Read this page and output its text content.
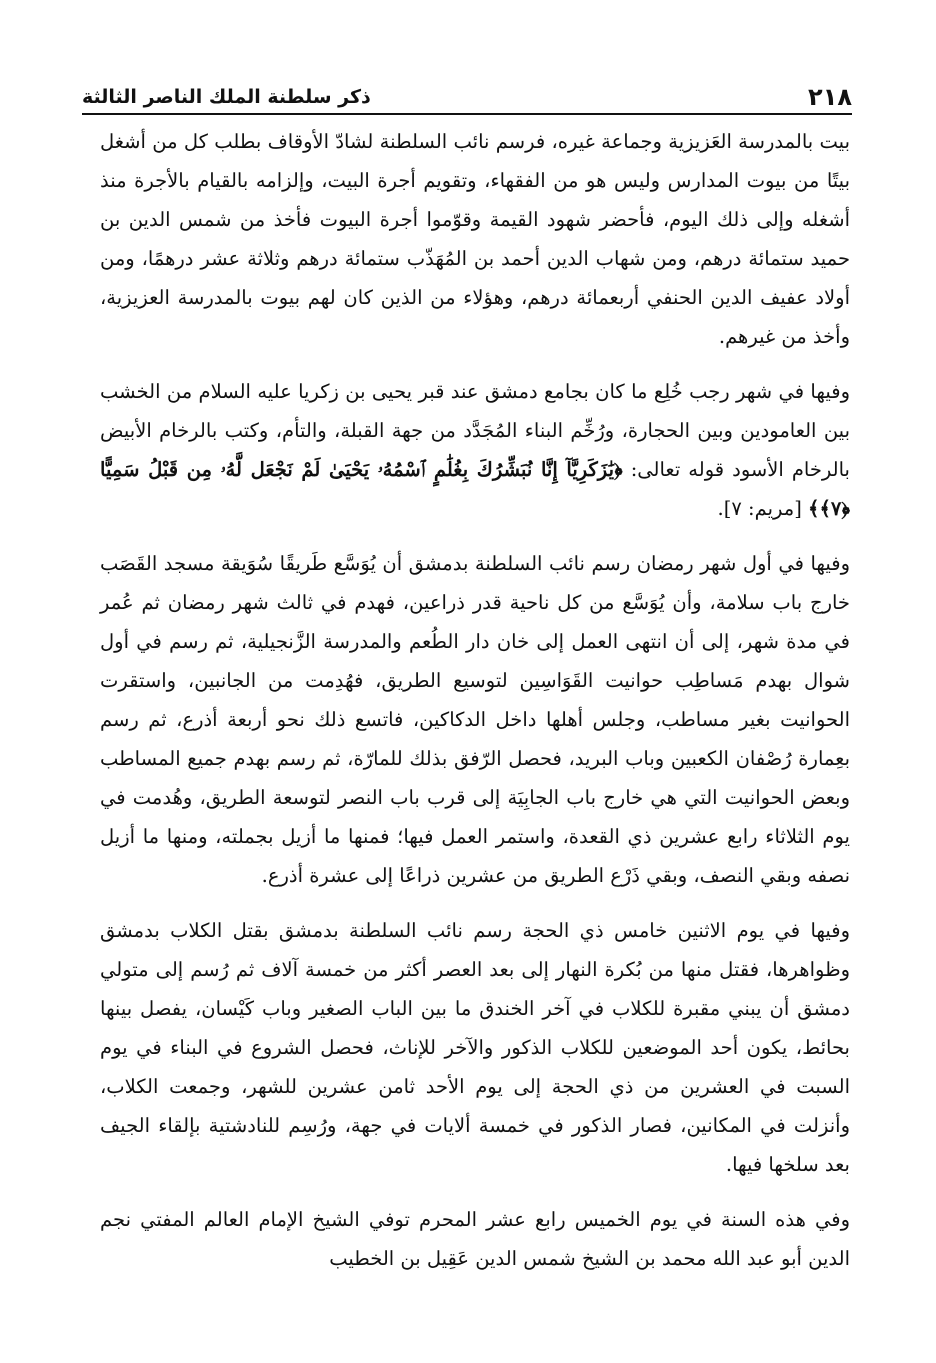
٢١٨
ذكر سلطنة الملك الناصر الثالثة

بيت بالمدرسة العَزيزية وجماعة غيره، فرسم نائب السلطنة لشادّ الأوقاف بطلب كل من أشغل بيتًا من بيوت المدارس وليس هو من الفقهاء، وتقويم أجرة البيت، وإلزامه بالقيام بالأجرة منذ أشغله وإلى ذلك اليوم، فأحضر شهود القيمة وقوّموا أجرة البيوت فأخذ من شمس الدين بن حميد ستمائة درهم، ومن شهاب الدين أحمد بن المُهَذّب ستمائة درهم وثلاثة عشر درهمًا، ومن أولاد عفيف الدين الحنفي أربعمائة درهم، وهؤلاء من الذين كان لهم بيوت بالمدرسة العزيزية، وأخذ من غيرهم.

وفيها في شهر رجب خُلِع ما كان بجامع دمشق عند قبر يحيى بن زكريا عليه السلام من الخشب بين العامودين وبين الحجارة، ورُخِّم البناء المُجَدَّد من جهة القبلة، والتأم، وكتب بالرخام الأبيض بالرخام الأسود قوله تعالى: ﴿يَٰزَكَرِيَّآ إِنَّا نُبَشِّرُكَ بِغُلَٰمٍ ٱسْمُهُۥ يَحْيَىٰ لَمْ نَجْعَل لَّهُۥ مِن قَبْلُ سَمِيًّا ﴿٧﴾﴾ [مريم: ٧].

وفيها في أول شهر رمضان رسم نائب السلطنة بدمشق أن يُوَسَّع طَريقًا سُوَيقة مسجد القَصَب خارج باب سلامة، وأن يُوَسَّع من كل ناحية قدر ذراعين، فهدم في ثالث شهر رمضان ثم عُمر في مدة شهر، إلى أن انتهى العمل إلى خان دار الطُعم والمدرسة الزَّنجيلية، ثم رسم في أول شوال بهدم مَساطِب حوانيت القَوَاسِين لتوسيع الطريق، فهُدِمت من الجانبين، واستقرت الحوانيت بغير مساطب، وجلس أهلها داخل الدكاكين، فاتسع ذلك نحو أربعة أذرع، ثم رسم بعِمارة رُصْفان الكعبين وباب البريد، فحصل الرّفق بذلك للمارّة، ثم رسم بهدم جميع المساطب وبعض الحوانيت التي هي خارج باب الجابِيَة إلى قرب باب النصر لتوسعة الطريق، وهُدمت في يوم الثلاثاء رابع عشرين ذي القعدة، واستمر العمل فيها؛ فمنها ما أزيل بجملته، ومنها ما أزيل نصفه وبقي النصف، وبقي ذَرْع الطريق من عشرين ذراعًا إلى عشرة أذرع.

وفيها في يوم الاثنين خامس ذي الحجة رسم نائب السلطنة بدمشق بقتل الكلاب بدمشق وظواهرها، فقتل منها من بُكرة النهار إلى بعد العصر أكثر من خمسة آلاف ثم رُسم إلى متولي دمشق أن يبني مقبرة للكلاب في آخر الخندق ما بين الباب الصغير وباب كَيْسان، يفصل بينها بحائط، يكون أحد الموضعين للكلاب الذكور والآخر للإناث، فحصل الشروع في البناء في يوم السبت في العشرين من ذي الحجة إلى يوم الأحد ثامن عشرين للشهر، وجمعت الكلاب، وأنزلت في المكانين، فصار الذكور في خمسة ألايات في جهة، ورُسِم للنادشتية بإلقاء الجيف بعد سلخها فيها.

وفي هذه السنة في يوم الخميس رابع عشر المحرم توفي الشيخ الإمام العالم المفتي نجم الدين أبو عبد الله محمد بن الشيخ شمس الدين عَقِيل بن الخطيب
